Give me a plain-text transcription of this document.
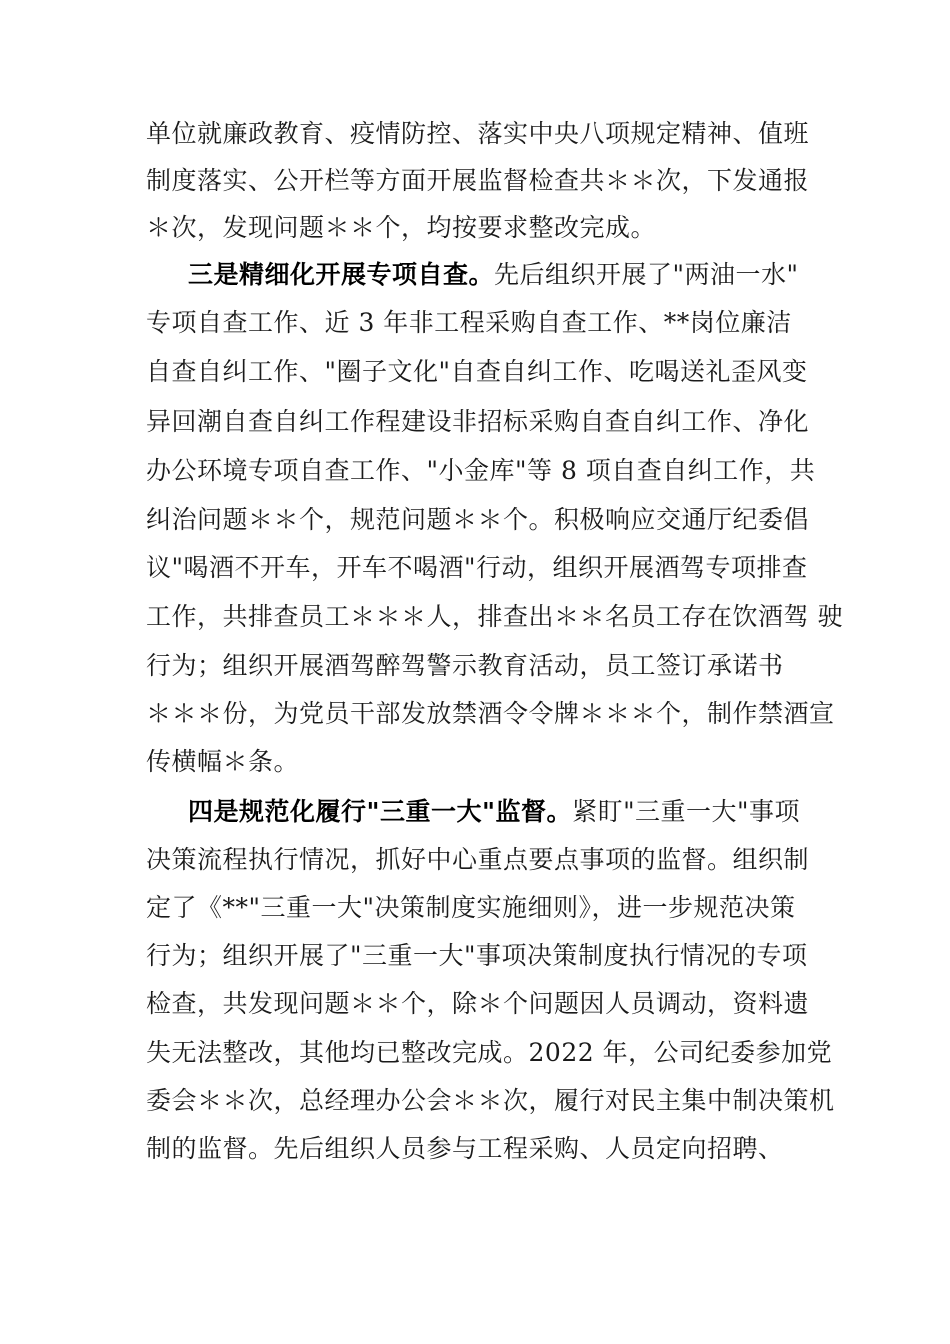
单位就廉政教育、疫情防控、落实中央八项规定精神、值班
制度落实、公开栏等方面开展监督检查共＊＊次，下发通报
＊次，发现问题＊＊个，均按要求整改完成。
三是精细化开展专项自查。先后组织开展了"两油一水"
专项自查工作、近 3 年非工程采购自查工作、**岗位廉洁
自查自纠工作、"圈子文化"自查自纠工作、吃喝送礼歪风变
异回潮自查自纠工作程建设非招标采购自查自纠工作、净化
办公环境专项自查工作、"小金库"等 8 项自查自纠工作，共
纠治问题＊＊个，规范问题＊＊个。积极响应交通厅纪委倡
议"喝酒不开车，开车不喝酒"行动，组织开展酒驾专项排查
工作，共排查员工＊＊＊人，排查出＊＊名员工存在饮酒驾 驶
行为；组织开展酒驾醉驾警示教育活动，员工签订承诺书
＊＊＊份，为党员干部发放禁酒令令牌＊＊＊个，制作禁酒宣
传横幅＊条。
四是规范化履行"三重一大"监督。紧盯"三重一大"事项
决策流程执行情况，抓好中心重点要点事项的监督。组织制
定了《**"三重一大"决策制度实施细则》，进一步规范决策
行为；组织开展了"三重一大"事项决策制度执行情况的专项
检查，共发现问题＊＊个，除＊个问题因人员调动，资料遗
失无法整改，其他均已整改完成。2022 年，公司纪委参加党
委会＊＊次，总经理办公会＊＊次，履行对民主集中制决策机
制的监督。先后组织人员参与工程采购、人员定向招聘、
